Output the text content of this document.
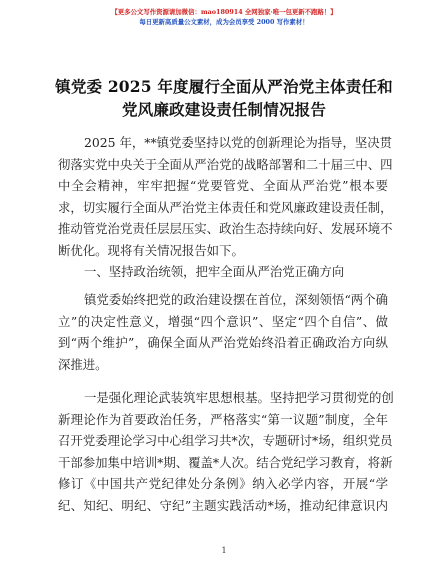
【更多公文写作资源请加微信：mao180914 全网独家·唯一包更新不跑路！】
每日更新高质量公文素材，成为会员享受 2000 写作素材！
镇党委 2025 年度履行全面从严治党主体责任和
党风廉政建设责任制情况报告
2025 年，**镇党委坚持以党的创新理论为指导，坚决贯
彻落实党中央关于全面从严治党的战略部署和二十届三中、四
中全会精神，牢牢把握“党要管党、全面从严治党”根本要
求，切实履行全面从严治党主体责任和党风廉政建设责任制，
推动管党治党责任层层压实、政治生态持续向好、发展环境不
断优化。现将有关情况报告如下。
一、坚持政治统领，把牢全面从严治党正确方向
镇党委始终把党的政治建设摆在首位，深刻领悟“两个确
立”的决定性意义，增强“四个意识”、坚定“四个自信”、做
到“两个维护”，确保全面从严治党始终沿着正确政治方向纵
深推进。
一是强化理论武装筑牢思想根基。坚持把学习贯彻党的创
新理论作为首要政治任务，严格落实“第一议题”制度，全年
召开党委理论学习中心组学习共*次，专题研讨*场，组织党员
干部参加集中培训*期、覆盖*人次。结合党纪学习教育，将新
修订《中国共产党纪律处分条例》纳入必学内容，开展“学
纪、知纪、明纪、守纪”主题实践活动*场，推动纪律意识内
1
